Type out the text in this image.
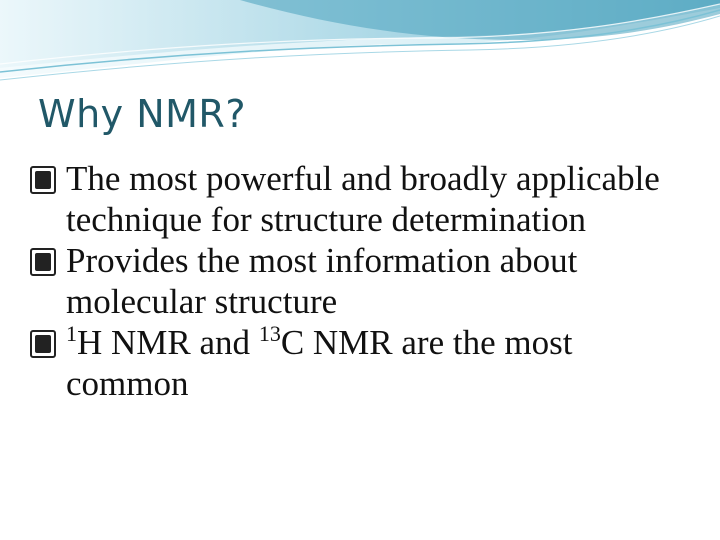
Why NMR?
?
The most powerful and broadly applicable technique for structure determination
?
Provides the most information about molecular structure
?
$^1$H NMR and $^{13}$C NMR are the most common
